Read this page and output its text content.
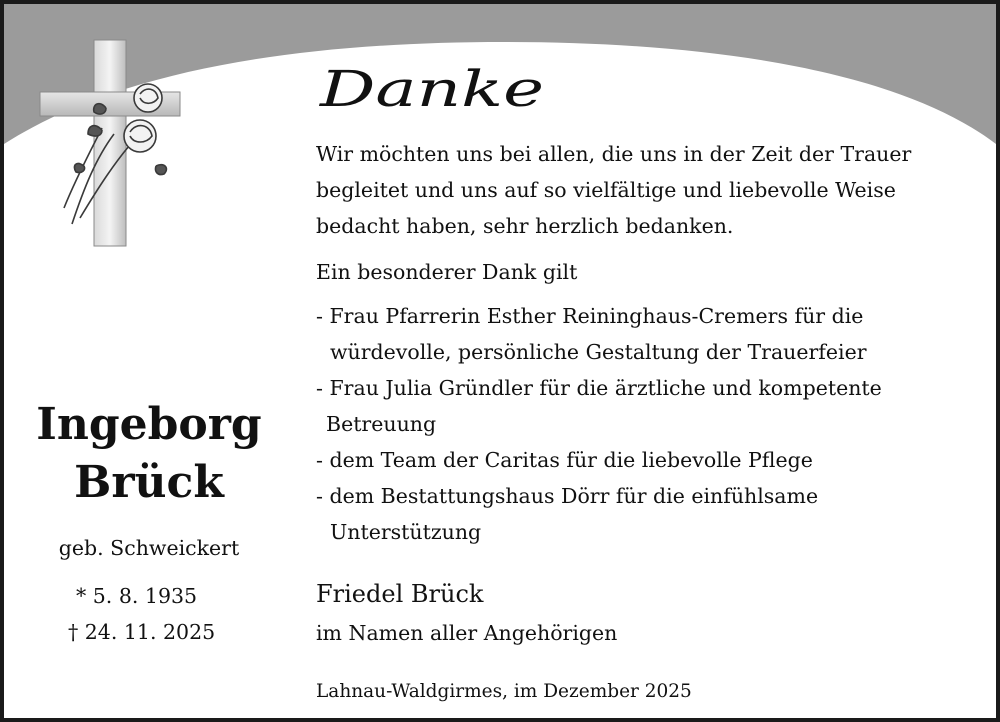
Danke

Wir möchten uns bei allen, die uns in der Zeit der Trauer
begleitet und uns auf so vielfältige und liebevolle Weise
bedacht haben, sehr herzlich bedanken.

Ein besonderer Dank gilt

- Frau Pfarrerin Esther Reininghaus-Cremers für die
würdevolle, persönliche Gestaltung der Trauerfeier
- Frau Julia Gründler für die ärztliche und kompetente
Betreuung
- dem Team der Caritas für die liebevolle Pflege
- dem Bestattungshaus Dörr für die einfühlsame
Unterstützung
Ingeborg
Brück

geb. Schweickert

* 5. 8. 1935

† 24. 11. 2025

Friedel Brück

im Namen aller Angehörigen

Lahnau-Waldgirmes, im Dezember 2025
